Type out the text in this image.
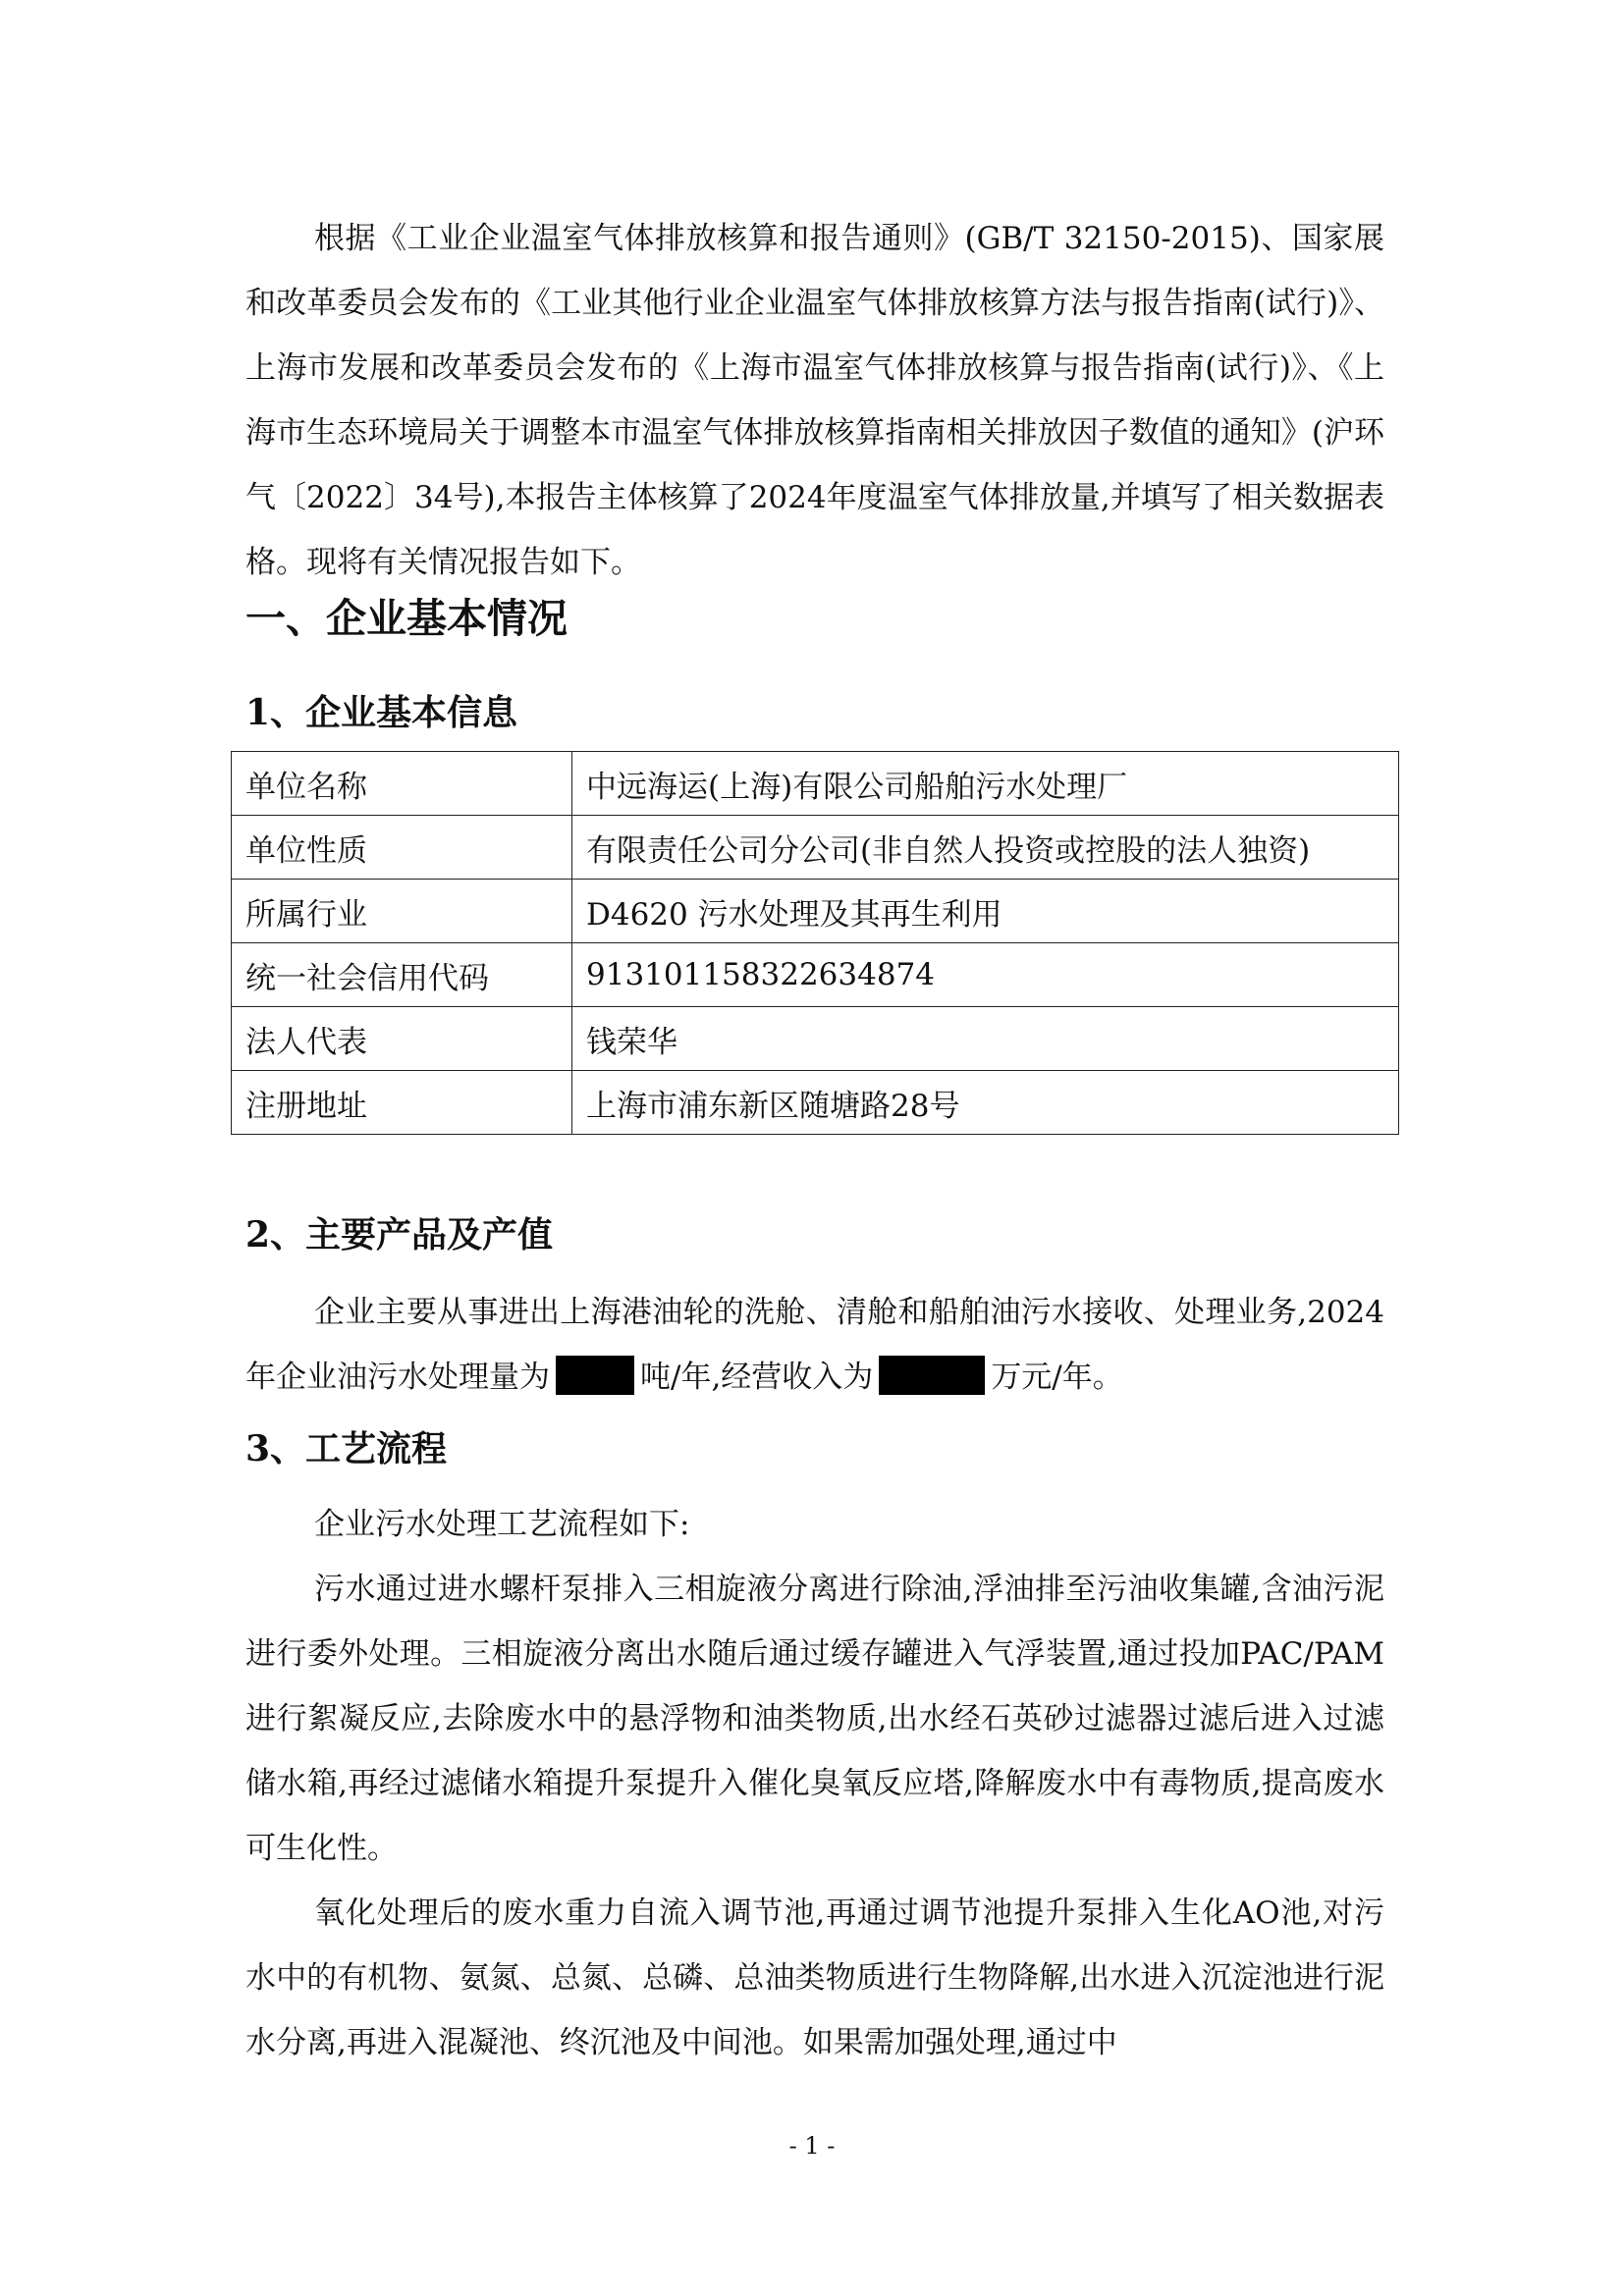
根据《工业企业温室气体排放核算和报告通则》(GB/T 32150-2015)、国家展和改革委员会发布的《工业其他行业企业温室气体排放核算方法与报告指南(试行)》、上海市发展和改革委员会发布的《上海市温室气体排放核算与报告指南(试行)》、《上海市生态环境局关于调整本市温室气体排放核算指南相关排放因子数值的通知》(沪环气〔2022〕34号),本报告主体核算了2024年度温室气体排放量,并填写了相关数据表格。现将有关情况报告如下。

一、企业基本情况
1、企业基本信息
单位名称	中远海运(上海)有限公司船舶污水处理厂
单位性质	有限责任公司分公司(非自然人投资或控股的法人独资)
所属行业	D4620 污水处理及其再生利用
统一社会信用代码	913101158322634874
法人代表	钱荣华
注册地址	上海市浦东新区随塘路28号
2、主要产品及产值

企业主要从事进出上海港油轮的洗舱、清舱和船舶油污水接收、处理业务,2024年企业油污水处理量为	吨/年,经营收入为	万元/年。

3、工艺流程

企业污水处理工艺流程如下:

污水通过进水螺杆泵排入三相旋液分离进行除油,浮油排至污油收集罐,含油污泥进行委外处理。三相旋液分离出水随后通过缓存罐进入气浮装置,通过投加PAC/PAM进行絮凝反应,去除废水中的悬浮物和油类物质,出水经石英砂过滤器过滤后进入过滤储水箱,再经过滤储水箱提升泵提升入催化臭氧反应塔,降解废水中有毒物质,提高废水可生化性。

氧化处理后的废水重力自流入调节池,再通过调节池提升泵排入生化AO池,对污水中的有机物、氨氮、总氮、总磷、总油类物质进行生物降解,出水进入沉淀池进行泥水分离,再进入混凝池、终沉池及中间池。如果需加强处理,通过中

- 1 -
